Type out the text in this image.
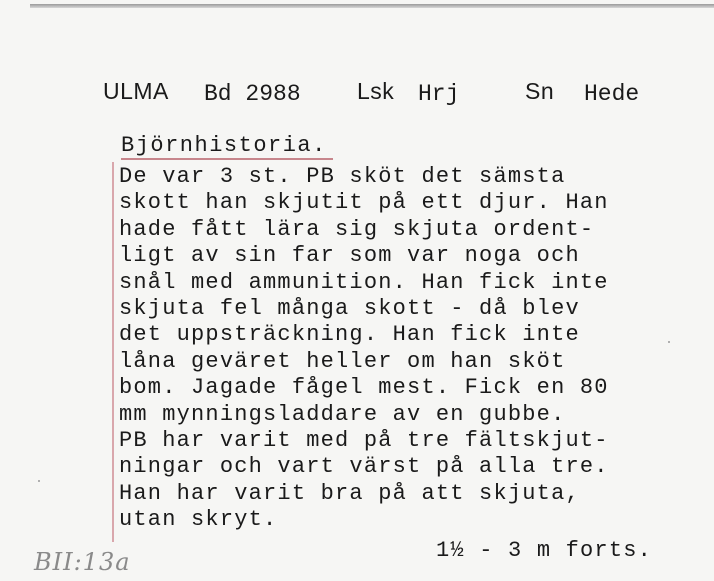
ULMA Bd 2988 Lsk Hrj	Sn Hede
Björnhistoria.
De var 3 st. PB sköt det sämsta
skott han skjutit på ett djur. Han
hade fått lära sig skjuta ordent-
ligt av sin far som var noga och
snål med ammunition. Han fick inte
skjuta fel många skott - då blev
det uppsträckning. Han fick inte
låna geväret heller om han sköt
bom. Jagade fågel mest. Fick en 80
mm mynningsladdare av en gubbe.
PB har varit med på tre fältskjut-
ningar och vart värst på alla tre.
Han har varit bra på att skjuta,
utan skryt.
1½ - 3 m forts.
BII:13a
